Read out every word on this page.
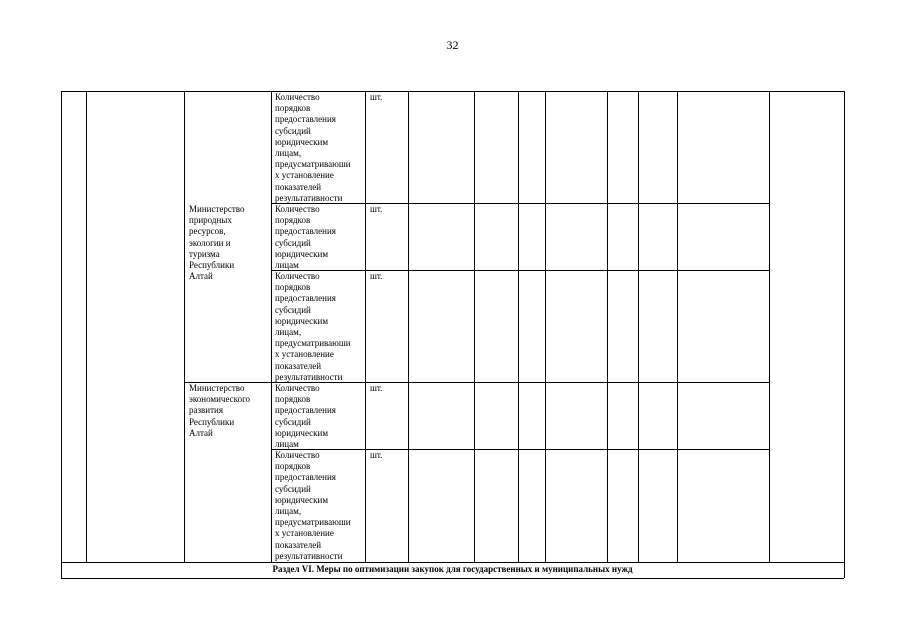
32
Министерство
природных
ресурсов,
экологии и
туризма
Республики
Алтай
Министерство
экономического
развития
Республики
Алтай
Количество
порядков
предоставления
субсидий
юридическим
лицам,
предусматриваюши
х установление
показателей
результативности
Количество
порядков
предоставления
субсидий
юридическим
лицам
Количество
порядков
предоставления
субсидий
юридическим
лицам,
предусматриваюши
х установление
показателей
результативности
Количество
порядков
предоставления
субсидий
юридическим
лицам
Количество
порядков
предоставления
субсидий
юридическим
лицам,
предусматриваюши
х установление
показателей
результативности
шт.
шт.
шт.
шт.
шт.
Раздел VI. Меры по оптимизации закупок для государственных и муниципальных нужд
